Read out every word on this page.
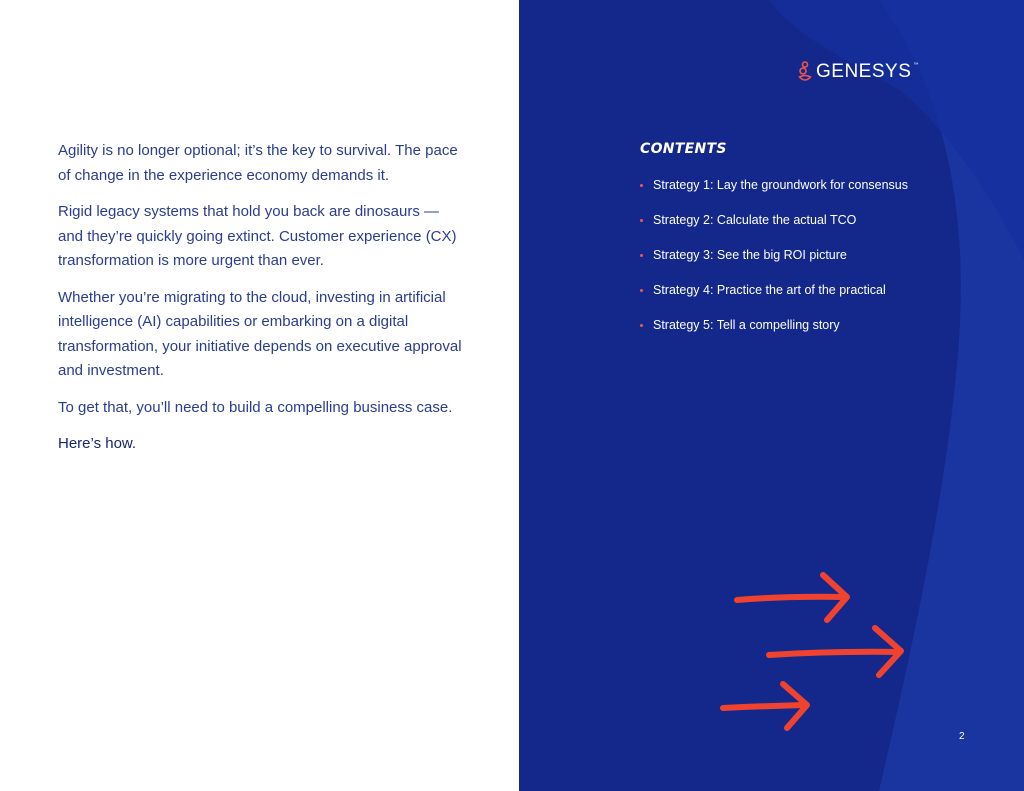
Agility is no longer optional; it’s the key to survival. The pace of change in the experience economy demands it.

Rigid legacy systems that hold you back are dinosaurs — and they’re quickly going extinct. Customer experience (CX) transformation is more urgent than ever.

Whether you’re migrating to the cloud, investing in artificial intelligence (AI) capabilities or embarking on a digital transformation, your initiative depends on executive approval and investment.

To get that, you’ll need to build a compelling business case.

Here’s how.

GENESYS ™
CONTENTS
Strategy 1: Lay the groundwork for consensus
Strategy 2: Calculate the actual TCO
Strategy 3: See the big ROI picture
Strategy 4: Practice the art of the practical
Strategy 5: Tell a compelling story
2
